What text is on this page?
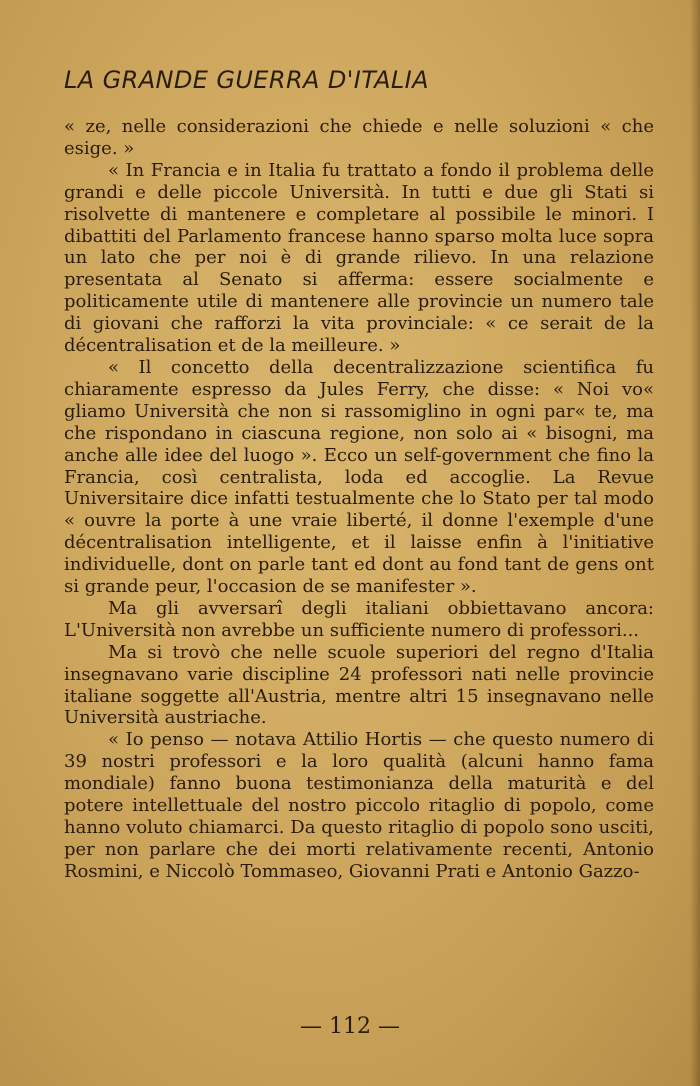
LA GRANDE GUERRA D'ITALIA

« ze, nelle considerazioni che chiede e nelle soluzioni « che esige. »

« In Francia e in Italia fu trattato a fondo il problema delle grandi e delle piccole Università. In tutti e due gli Stati si risolvette di mantenere e completare al possibile le minori. I dibattiti del Parlamento francese hanno sparso molta luce sopra un lato che per noi è di grande rilievo. In una relazione presentata al Senato si afferma: essere socialmente e politicamente utile di mantenere alle provincie un numero tale di giovani che rafforzi la vita provinciale: « ce serait de la décentralisation et de la meilleure. »

« Il concetto della decentralizzazione scientifica fu chiaramente espresso da Jules Ferry, che disse: « Noi vo« gliamo Università che non si rassomiglino in ogni par« te, ma che rispondano in ciascuna regione, non solo ai « bisogni, ma anche alle idee del luogo ». Ecco un self-government che fino la Francia, così centralista, loda ed accoglie. La Revue Universitaire dice infatti testualmente che lo Stato per tal modo « ouvre la porte à une vraie liberté, il donne l'exemple d'une décentralisation intelligente, et il laisse enfin à l'initiative individuelle, dont on parle tant ed dont au fond tant de gens ont si grande peur, l'occasion de se manifester ».

Ma gli avversarî degli italiani obbiettavano ancora: L'Università non avrebbe un sufficiente numero di professori...

Ma si trovò che nelle scuole superiori del regno d'Italia insegnavano varie discipline 24 professori nati nelle provincie italiane soggette all'Austria, mentre altri 15 insegnavano nelle Università austriache.

« Io penso — notava Attilio Hortis — che questo numero di 39 nostri professori e la loro qualità (alcuni hanno fama mondiale) fanno buona testimonianza della maturità e del potere intellettuale del nostro piccolo ritaglio di popolo, come hanno voluto chiamarci. Da questo ritaglio di popolo sono usciti, per non parlare che dei morti relativamente recenti, Antonio Rosmini, e Niccolò Tommaseo, Giovanni Prati e Antonio Gazzo-

— 112 —
